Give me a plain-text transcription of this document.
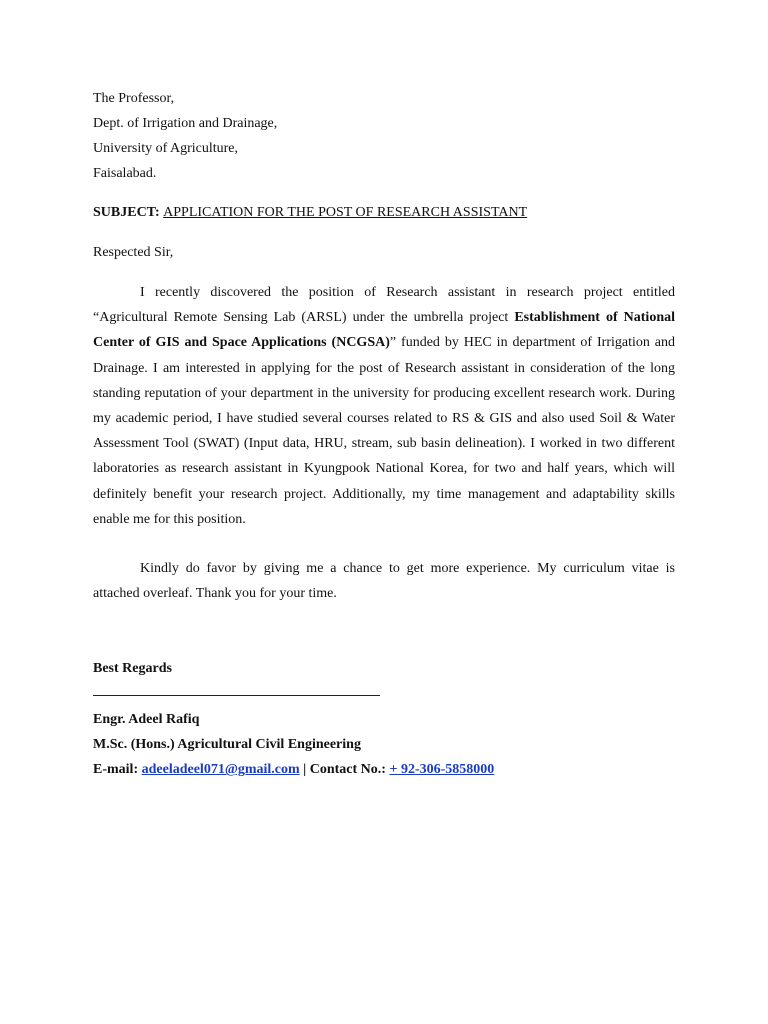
The Professor,

Dept. of Irrigation and Drainage,

University of Agriculture,

Faisalabad.

SUBJECT: APPLICATION FOR THE POST OF RESEARCH ASSISTANT

Respected Sir,

I recently discovered the position of Research assistant in research project entitled “Agricultural Remote Sensing Lab (ARSL) under the umbrella project Establishment of National Center of GIS and Space Applications (NCGSA)” funded by HEC in department of Irrigation and Drainage. I am interested in applying for the post of Research assistant in consideration of the long standing reputation of your department in the university for producing excellent research work. During my academic period, I have studied several courses related to RS & GIS and also used Soil & Water Assessment Tool (SWAT) (Input data, HRU, stream, sub basin delineation). I worked in two different laboratories as research assistant in Kyungpook National Korea, for two and half years, which will definitely benefit your research project. Additionally, my time management and adaptability skills enable me for this position.

Kindly do favor by giving me a chance to get more experience. My curriculum vitae is attached overleaf. Thank you for your time.

Best Regards

Engr. Adeel Rafiq

M.Sc. (Hons.) Agricultural Civil Engineering

E-mail: adeeladeel071@gmail.com | Contact No.: + 92-306-5858000
